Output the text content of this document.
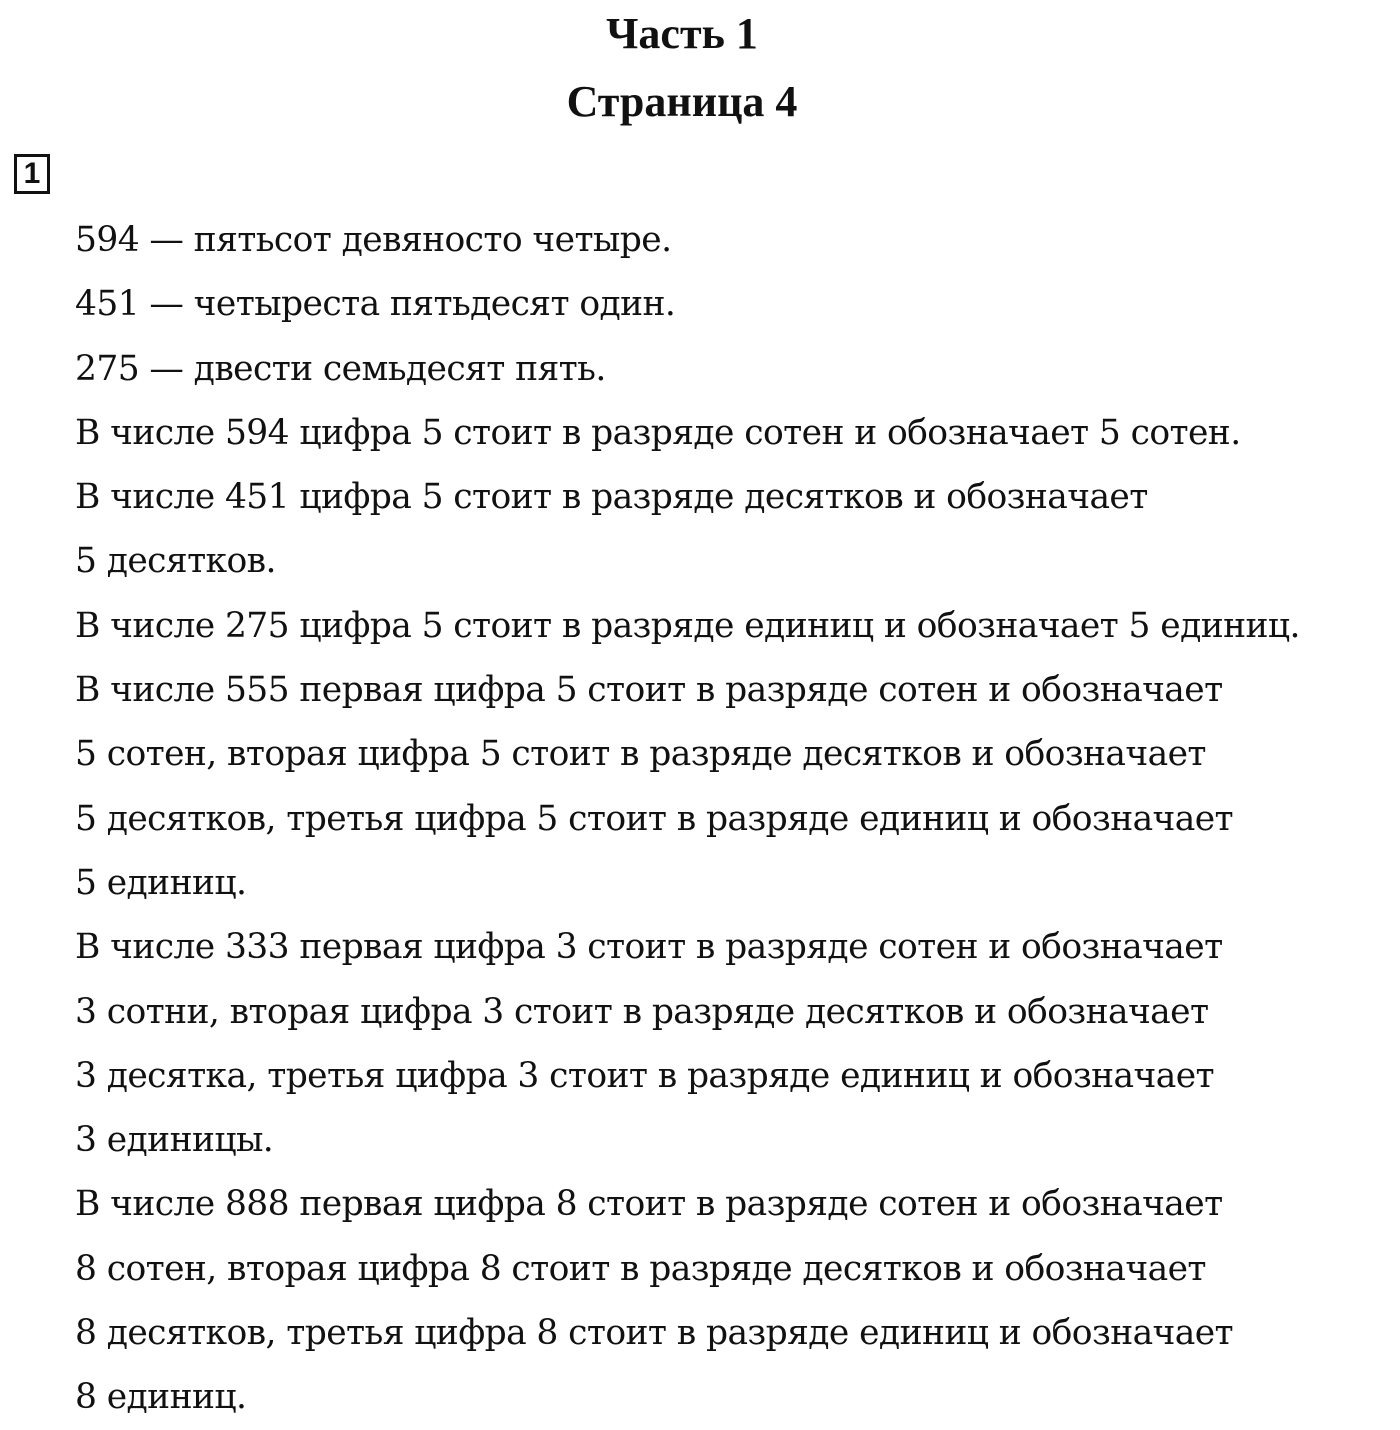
Часть 1
Страница 4
1
594 — пятьсот девяносто четыре.
451 — четыреста пятьдесят один.
275 — двести семьдесят пять.
В числе 594 цифра 5 стоит в разряде сотен и обозначает 5 сотен.
В числе 451 цифра 5 стоит в разряде десятков и обозначает
5 десятков.
В числе 275 цифра 5 стоит в разряде единиц и обозначает 5 единиц.
В числе 555 первая цифра 5 стоит в разряде сотен и обозначает
5 сотен, вторая цифра 5 стоит в разряде десятков и обозначает
5 десятков, третья цифра 5 стоит в разряде единиц и обозначает
5 единиц.
В числе 333 первая цифра 3 стоит в разряде сотен и обозначает
3 сотни, вторая цифра 3 стоит в разряде десятков и обозначает
3 десятка, третья цифра 3 стоит в разряде единиц и обозначает
3 единицы.
В числе 888 первая цифра 8 стоит в разряде сотен и обозначает
8 сотен, вторая цифра 8 стоит в разряде десятков и обозначает
8 десятков, третья цифра 8 стоит в разряде единиц и обозначает
8 единиц.
